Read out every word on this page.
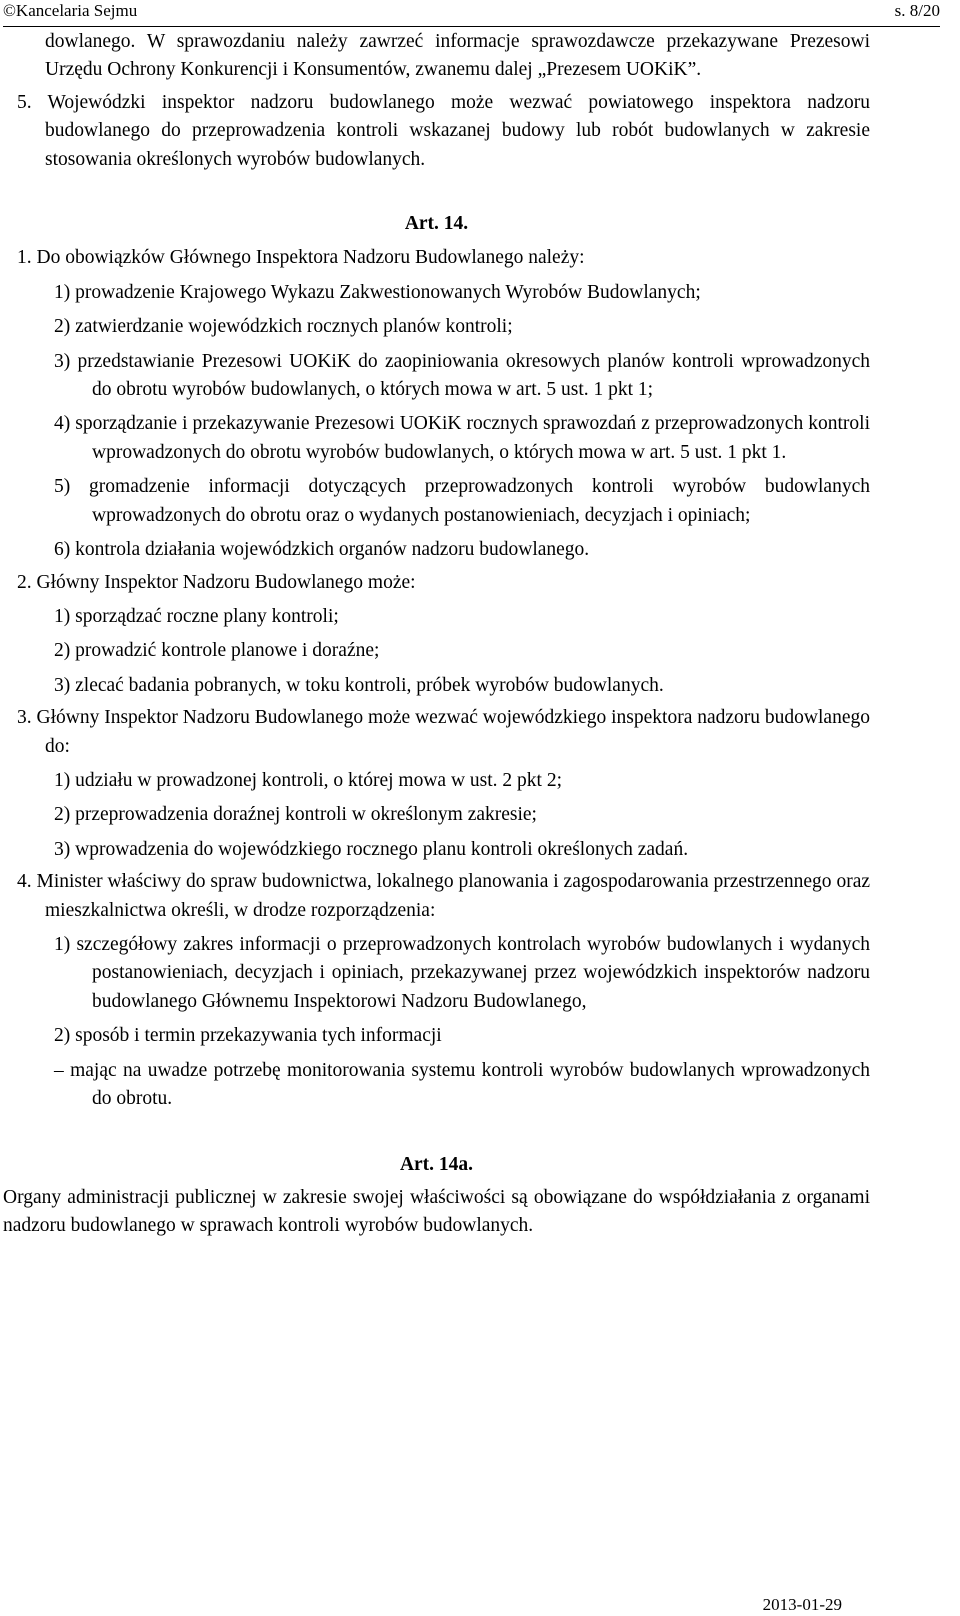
©Kancelaria Sejmu	s. 8/20

dowlanego. W sprawozdaniu należy zawrzeć informacje sprawozdawcze przekazywane Prezesowi Urzędu Ochrony Konkurencji i Konsumentów, zwanemu dalej „Prezesem UOKiK”.

5. Wojewódzki inspektor nadzoru budowlanego może wezwać powiatowego inspektora nadzoru budowlanego do przeprowadzenia kontroli wskazanej budowy lub robót budowlanych w zakresie stosowania określonych wyrobów budowlanych.

Art. 14.

1. Do obowiązków Głównego Inspektora Nadzoru Budowlanego należy:

1) prowadzenie Krajowego Wykazu Zakwestionowanych Wyrobów Budowlanych;

2) zatwierdzanie wojewódzkich rocznych planów kontroli;

3) przedstawianie Prezesowi UOKiK do zaopiniowania okresowych planów kontroli wprowadzonych do obrotu wyrobów budowlanych, o których mowa w art. 5 ust. 1 pkt 1;

4) sporządzanie i przekazywanie Prezesowi UOKiK rocznych sprawozdań z przeprowadzonych kontroli wprowadzonych do obrotu wyrobów budowlanych, o których mowa w art. 5 ust. 1 pkt 1.

5) gromadzenie informacji dotyczących przeprowadzonych kontroli wyrobów budowlanych wprowadzonych do obrotu oraz o wydanych postanowieniach, decyzjach i opiniach;

6) kontrola działania wojewódzkich organów nadzoru budowlanego.

2. Główny Inspektor Nadzoru Budowlanego może:

1) sporządzać roczne plany kontroli;

2) prowadzić kontrole planowe i doraźne;

3) zlecać badania pobranych, w toku kontroli, próbek wyrobów budowlanych.

3. Główny Inspektor Nadzoru Budowlanego może wezwać wojewódzkiego inspektora nadzoru budowlanego do:

1) udziału w prowadzonej kontroli, o której mowa w ust. 2 pkt 2;

2) przeprowadzenia doraźnej kontroli w określonym zakresie;

3) wprowadzenia do wojewódzkiego rocznego planu kontroli określonych zadań.

4. Minister właściwy do spraw budownictwa, lokalnego planowania i zagospodarowania przestrzennego oraz mieszkalnictwa określi, w drodze rozporządzenia:

1) szczegółowy zakres informacji o przeprowadzonych kontrolach wyrobów budowlanych i wydanych postanowieniach, decyzjach i opiniach, przekazywanej przez wojewódzkich inspektorów nadzoru budowlanego Głównemu Inspektorowi Nadzoru Budowlanego,

2) sposób i termin przekazywania tych informacji

– mając na uwadze potrzebę monitorowania systemu kontroli wyrobów budowlanych wprowadzonych do obrotu.

Art. 14a.

Organy administracji publicznej w zakresie swojej właściwości są obowiązane do współdziałania z organami nadzoru budowlanego w sprawach kontroli wyrobów budowlanych.

2013-01-29
